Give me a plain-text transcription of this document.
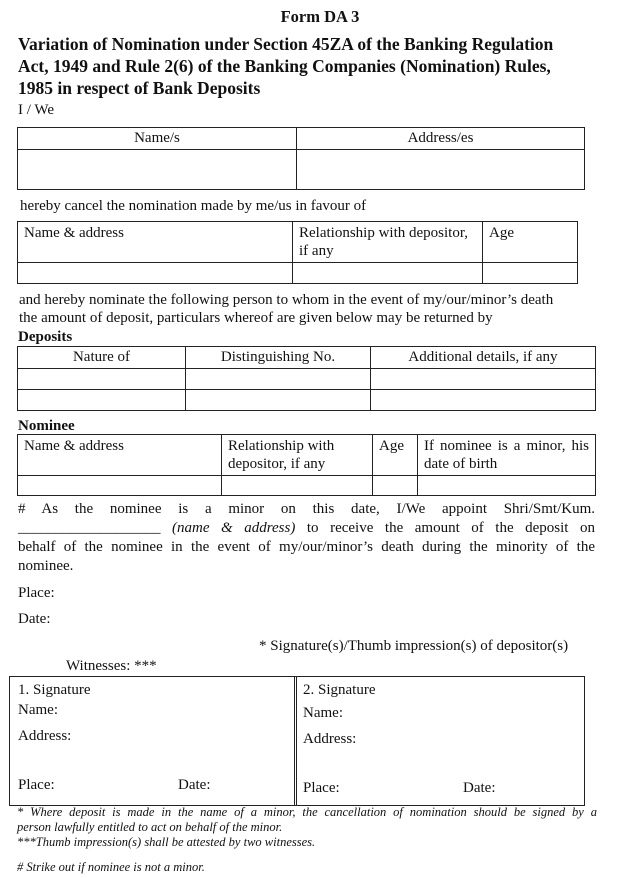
Form DA 3
Variation of Nomination under Section 45ZA of the Banking Regulation
Act, 1949 and Rule 2(6) of the Banking Companies (Nomination) Rules,
1985 in respect of Bank Deposits
I / We
Name/s	Address/es

hereby cancel the nomination made by me/us in favour of
Name & address	Relationship with depositor, if any	Age

and hereby nominate the following person to whom in the event of my/our/minor’s death
the amount of deposit, particulars whereof are given below may be returned by
Deposits
Nature of	Distinguishing No.	Additional details, if any

Nominee
Name & address	Relationship with depositor, if any	Age	If nominee is a minor, his date of birth

# As the nominee is a minor on this date, I/We appoint Shri/Smt/Kum.
___________________ (name & address) to receive the amount of the deposit on
behalf of the nominee in the event of my/our/minor’s death during the minority of the
nominee.
Place:
Date:
* Signature(s)/Thumb impression(s) of depositor(s)
Witnesses: ***
1. Signature
Name:
Address:
Place:	Date:
2. Signature
Name:
Address:
Place:	Date:
* Where deposit is made in the name of a minor, the cancellation of nomination should be signed by a
person lawfully entitled to act on behalf of the minor.
***Thumb impression(s) shall be attested by two witnesses.
# Strike out if nominee is not a minor.
